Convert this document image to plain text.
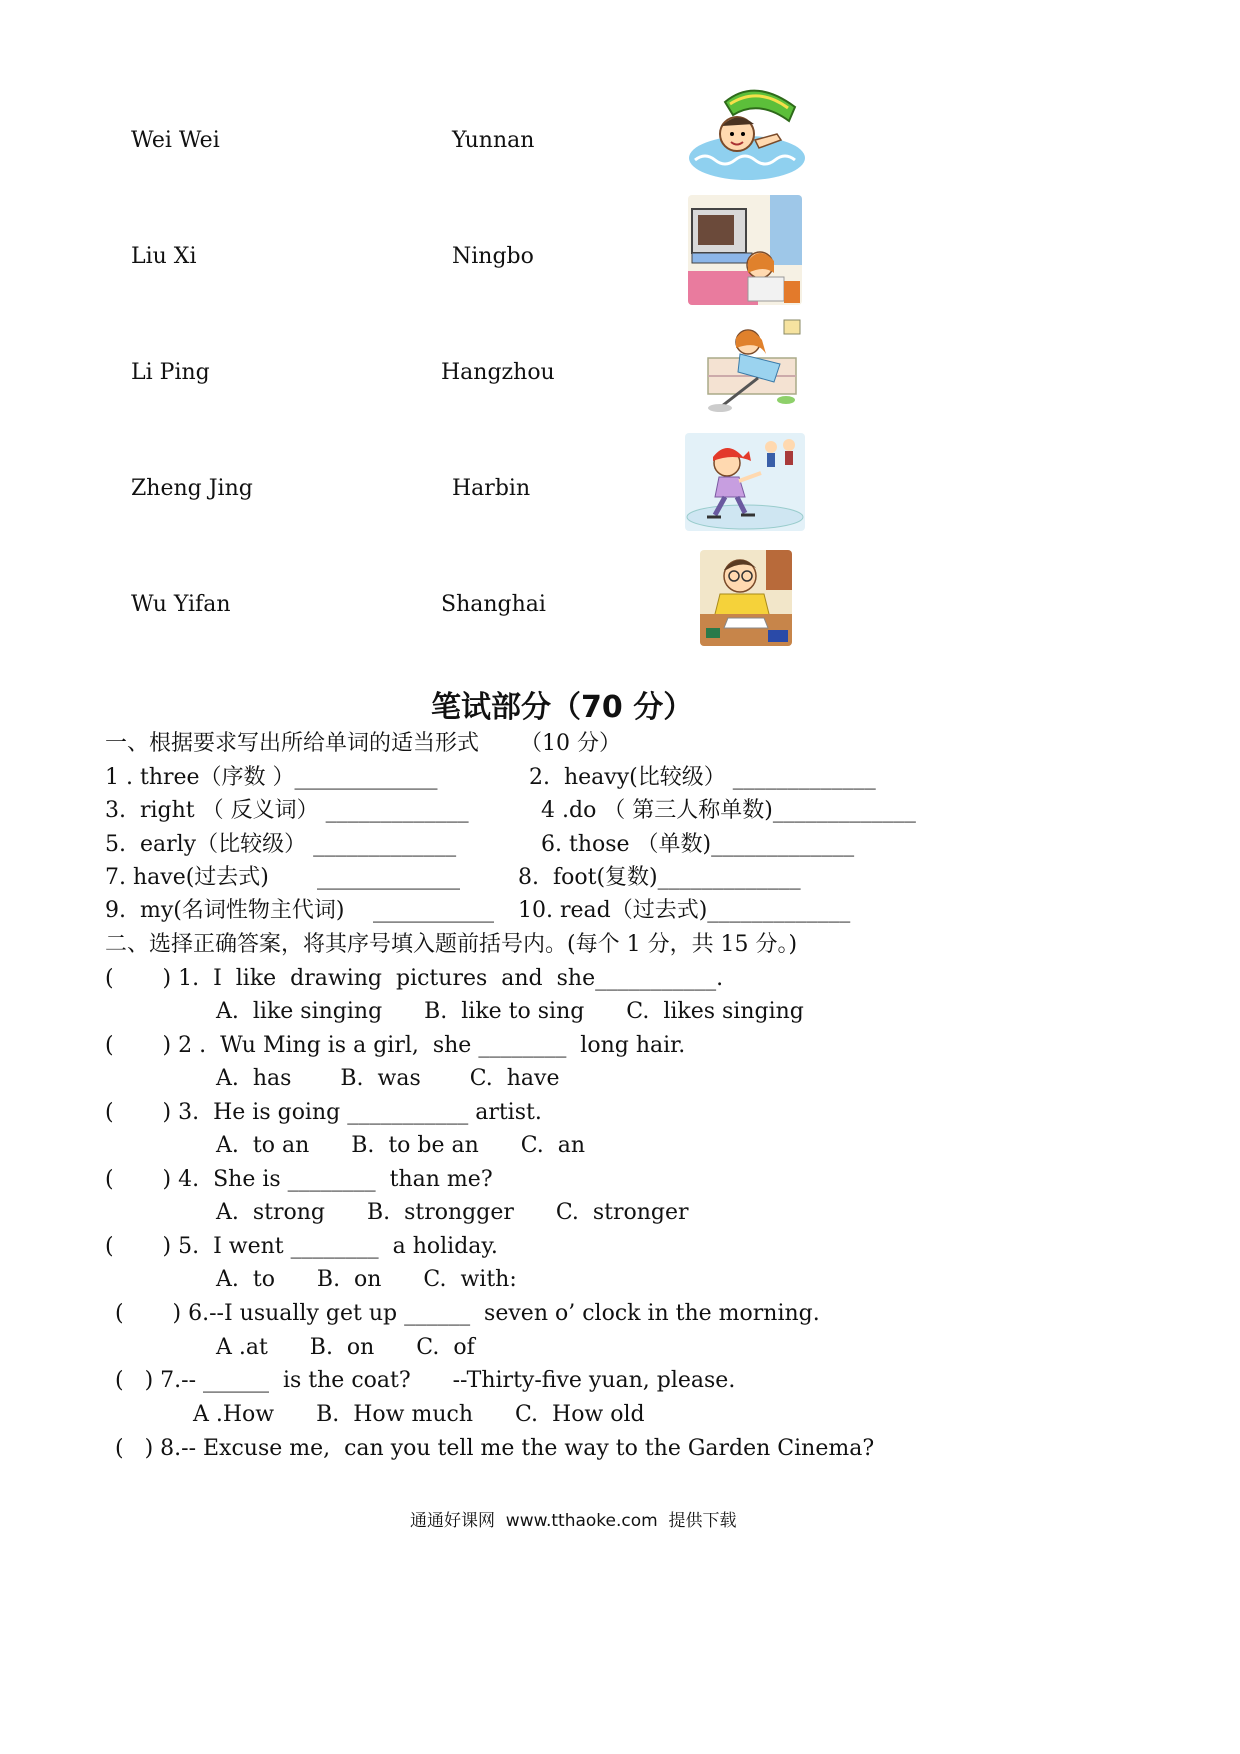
Wei Wei	Yunnan
Liu Xi	Ningbo
Li Ping	Hangzhou
Zheng Jing	Harbin
Wu Yifan	Shanghai
笔试部分（70 分）
一、根据要求写出所给单词的适当形式 （10 分）
1 . three（序数 ）_____________	2.  heavy(比较级） _____________
3.  right （ 反义词） _____________	4 .do （ 第三人称单数)_____________
5.  early（比较级） _____________	6. those （单数)_____________
7. have(过去式) _____________	8.  foot(复数)_____________
9.  my(名词性物主代词) ___________ 10. read（过去式)_____________
二、选择正确答案，将其序号填入题前括号内。(每个 1 分，共 15 分。)
(       ) 1.  I  like  drawing  pictures  and  she___________.
A.  like singing      B.  like to sing      C.  likes singing
(       ) 2 .  Wu Ming is a girl,  she ________  long hair.
A.  has       B.  was       C.  have
(       ) 3.  He is going ___________ artist.
A.  to an      B.  to be an      C.  an
(       ) 4.  She is ________  than me?
A.  strong      B.  strongger      C.  stronger
(       ) 5.  I went ________  a holiday.
A.  to      B.  on      C.  with:
(       ) 6.--I usually get up ______  seven o’ clock in the morning.
A .at      B.  on      C.  of
(   ) 7.-- ______  is the coat?      --Thirty-five yuan, please.
A .How      B.  How much      C.  How old
(   ) 8.-- Excuse me,  can you tell me the way to the Garden Cinema?
通通好课网  www.tthaoke.com  提供下载
